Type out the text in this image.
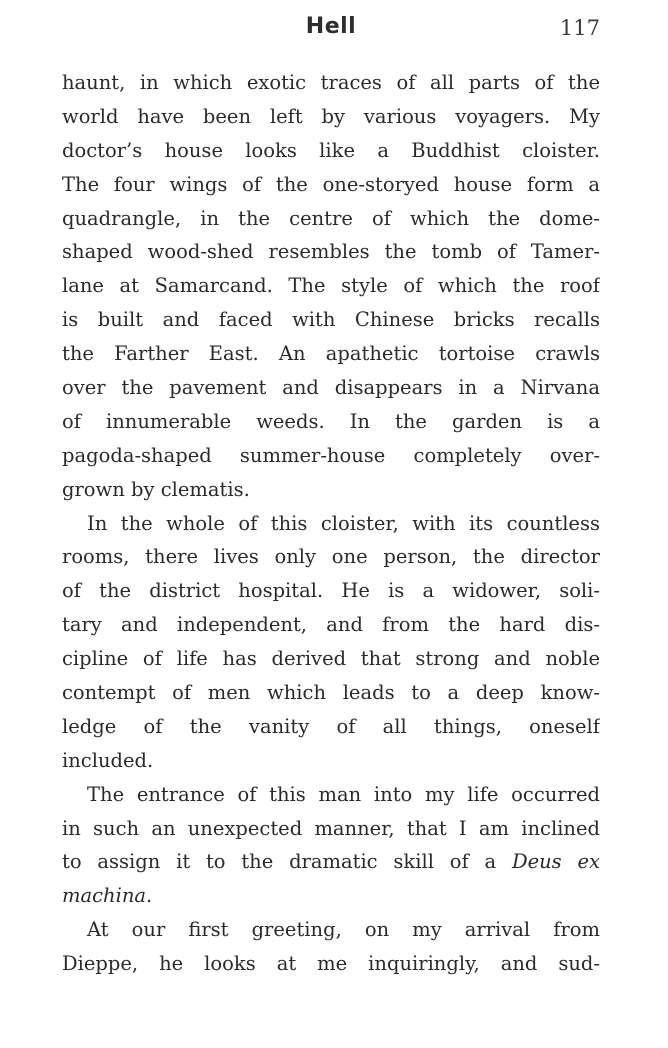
Hell	117
haunt, in which exotic traces of all parts of the
world have been left by various voyagers. My
doctor’s house looks like a Buddhist cloister.
The four wings of the one-storyed house form a
quadrangle, in the centre of which the dome-
shaped wood-shed resembles the tomb of Tamer-
lane at Samarcand. The style of which the roof
is built and faced with Chinese bricks recalls
the Farther East. An apathetic tortoise crawls
over the pavement and disappears in a Nirvana
of innumerable weeds. In the garden is a
pagoda-shaped summer-house completely over-
grown by clematis.
In the whole of this cloister, with its countless
rooms, there lives only one person, the director
of the district hospital. He is a widower, soli-
tary and independent, and from the hard dis-
cipline of life has derived that strong and noble
contempt of men which leads to a deep know-
ledge of the vanity of all things, oneself
included.
The entrance of this man into my life occurred
in such an unexpected manner, that I am inclined
to assign it to the dramatic skill of a Deus ex
machina.
At our first greeting, on my arrival from
Dieppe, he looks at me inquiringly, and sud-
